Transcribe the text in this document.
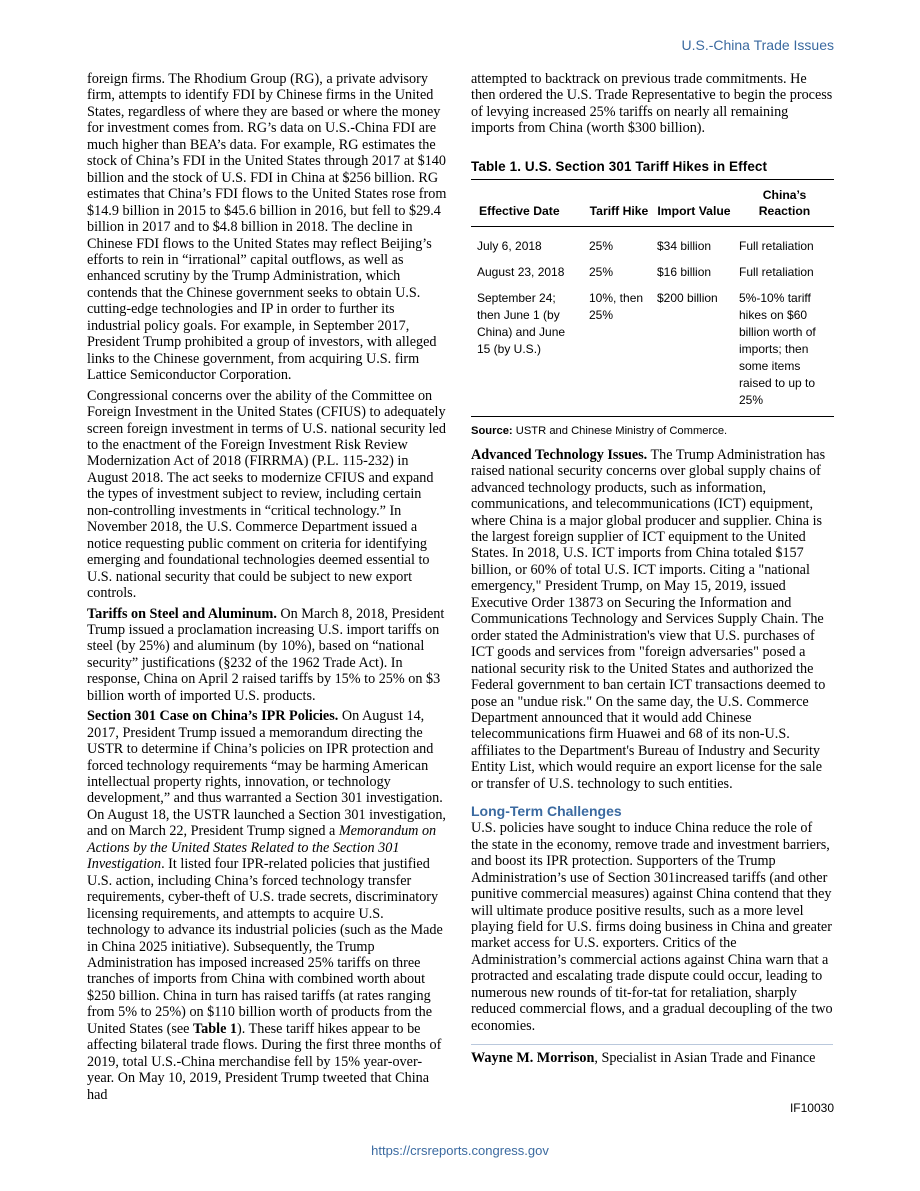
U.S.-China Trade Issues

foreign firms. The Rhodium Group (RG), a private advisory firm, attempts to identify FDI by Chinese firms in the United States, regardless of where they are based or where the money for investment comes from. RG’s data on U.S.-China FDI are much higher than BEA’s data. For example, RG estimates the stock of China’s FDI in the United States through 2017 at $140 billion and the stock of U.S. FDI in China at $256 billion. RG estimates that China’s FDI flows to the United States rose from $14.9 billion in 2015 to $45.6 billion in 2016, but fell to $29.4 billion in 2017 and to $4.8 billion in 2018. The decline in Chinese FDI flows to the United States may reflect Beijing’s efforts to rein in “irrational” capital outflows, as well as enhanced scrutiny by the Trump Administration, which contends that the Chinese government seeks to obtain U.S. cutting-edge technologies and IP in order to further its industrial policy goals. For example, in September 2017, President Trump prohibited a group of investors, with alleged links to the Chinese government, from acquiring U.S. firm Lattice Semiconductor Corporation.

Congressional concerns over the ability of the Committee on Foreign Investment in the United States (CFIUS) to adequately screen foreign investment in terms of U.S. national security led to the enactment of the Foreign Investment Risk Review Modernization Act of 2018 (FIRRMA) (P.L. 115-232) in August 2018. The act seeks to modernize CFIUS and expand the types of investment subject to review, including certain non-controlling investments in “critical technology.” In November 2018, the U.S. Commerce Department issued a notice requesting public comment on criteria for identifying emerging and foundational technologies deemed essential to U.S. national security that could be subject to new export controls.

Tariffs on Steel and Aluminum. On March 8, 2018, President Trump issued a proclamation increasing U.S. import tariffs on steel (by 25%) and aluminum (by 10%), based on “national security” justifications (§232 of the 1962 Trade Act). In response, China on April 2 raised tariffs by 15% to 25% on $3 billion worth of imported U.S. products.

Section 301 Case on China’s IPR Policies. On August 14, 2017, President Trump issued a memorandum directing the USTR to determine if China’s policies on IPR protection and forced technology requirements “may be harming American intellectual property rights, innovation, or technology development,” and thus warranted a Section 301 investigation. On August 18, the USTR launched a Section 301 investigation, and on March 22, President Trump signed a Memorandum on Actions by the United States Related to the Section 301 Investigation. It listed four IPR-related policies that justified U.S. action, including China’s forced technology transfer requirements, cyber-theft of U.S. trade secrets, discriminatory licensing requirements, and attempts to acquire U.S. technology to advance its industrial policies (such as the Made in China 2025 initiative). Subsequently, the Trump Administration has imposed increased 25% tariffs on three tranches of imports from China with combined worth about $250 billion. China in turn has raised tariffs (at rates ranging from 5% to 25%) on $110 billion worth of products from the United States (see Table 1). These tariff hikes appear to be affecting bilateral trade flows. During the first three months of 2019, total U.S.-China merchandise fell by 15% year-over-year. On May 10, 2019, President Trump tweeted that China had

attempted to backtrack on previous trade commitments. He then ordered the U.S. Trade Representative to begin the process of levying increased 25% tariffs on nearly all remaining imports from China (worth $300 billion).

Table 1. U.S. Section 301 Tariff Hikes in Effect
Effective Date	Tariff Hike	Import Value	China’s Reaction
July 6, 2018	25%	$34 billion	Full retaliation
August 23, 2018	25%	$16 billion	Full retaliation
September 24; then June 1 (by China) and June 15 (by U.S.)	10%, then 25%	$200 billion	5%-10% tariff hikes on $60 billion worth of imports; then some items raised to up to 25%
Source: USTR and Chinese Ministry of Commerce.

Advanced Technology Issues. The Trump Administration has raised national security concerns over global supply chains of advanced technology products, such as information, communications, and telecommunications (ICT) equipment, where China is a major global producer and supplier. China is the largest foreign supplier of ICT equipment to the United States. In 2018, U.S. ICT imports from China totaled $157 billion, or 60% of total U.S. ICT imports. Citing a "national emergency," President Trump, on May 15, 2019, issued Executive Order 13873 on Securing the Information and Communications Technology and Services Supply Chain. The order stated the Administration's view that U.S. purchases of ICT goods and services from "foreign adversaries" posed a national security risk to the United States and authorized the Federal government to ban certain ICT transactions deemed to pose an "undue risk." On the same day, the U.S. Commerce Department announced that it would add Chinese telecommunications firm Huawei and 68 of its non-U.S. affiliates to the Department's Bureau of Industry and Security Entity List, which would require an export license for the sale or transfer of U.S. technology to such entities.

Long-Term Challenges

U.S. policies have sought to induce China reduce the role of the state in the economy, remove trade and investment barriers, and boost its IPR protection. Supporters of the Trump Administration’s use of Section 301increased tariffs (and other punitive commercial measures) against China contend that they will ultimate produce positive results, such as a more level playing field for U.S. firms doing business in China and greater market access for U.S. exporters. Critics of the Administration’s commercial actions against China warn that a protracted and escalating trade dispute could occur, leading to numerous new rounds of tit-for-tat for retaliation, sharply reduced commercial flows, and a gradual decoupling of the two economies.

Wayne M. Morrison, Specialist in Asian Trade and Finance

IF10030
https://crsreports.congress.gov
